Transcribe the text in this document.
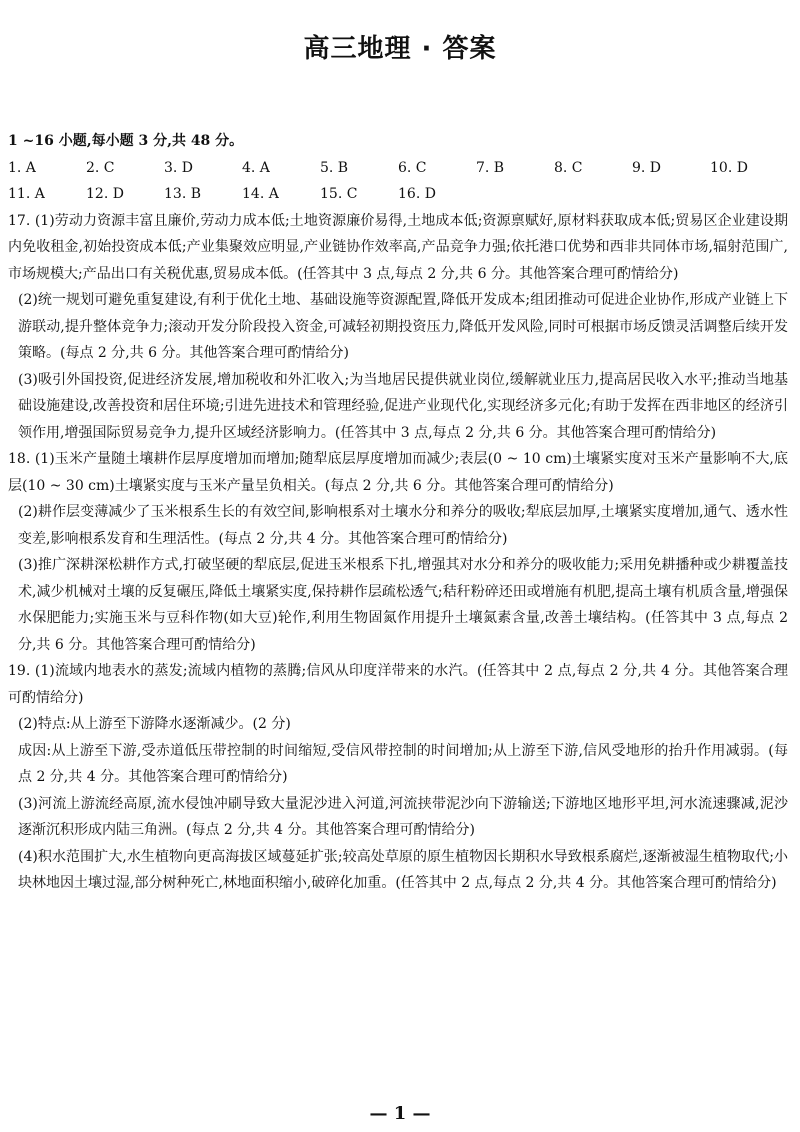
高三地理 · 答案
1 ~16 小题,每小题 3 分,共 48 分。
1. A	2. C	3. D	4. A	5. B	6. C	7. B	8. C	9. D	10. D
11. A	12. D	13. B	14. A	15. C	16. D
17. (1)劳动力资源丰富且廉价,劳动力成本低;土地资源廉价易得,土地成本低;资源禀赋好,原材料获取成本低;贸易区企业建设期内免收租金,初始投资成本低;产业集聚效应明显,产业链协作效率高,产品竞争力强;依托港口优势和西非共同体市场,辐射范围广,市场规模大;产品出口有关税优惠,贸易成本低。(任答其中 3 点,每点 2 分,共 6 分。其他答案合理可酌情给分)
(2)统一规划可避免重复建设,有利于优化土地、基础设施等资源配置,降低开发成本;组团推动可促进企业协作,形成产业链上下游联动,提升整体竞争力;滚动开发分阶段投入资金,可减轻初期投资压力,降低开发风险,同时可根据市场反馈灵活调整后续开发策略。(每点 2 分,共 6 分。其他答案合理可酌情给分)
(3)吸引外国投资,促进经济发展,增加税收和外汇收入;为当地居民提供就业岗位,缓解就业压力,提高居民收入水平;推动当地基础设施建设,改善投资和居住环境;引进先进技术和管理经验,促进产业现代化,实现经济多元化;有助于发挥在西非地区的经济引领作用,增强国际贸易竞争力,提升区域经济影响力。(任答其中 3 点,每点 2 分,共 6 分。其他答案合理可酌情给分)
18. (1)玉米产量随土壤耕作层厚度增加而增加;随犁底层厚度增加而减少;表层(0 ~ 10 cm)土壤紧实度对玉米产量影响不大,底层(10 ~ 30 cm)土壤紧实度与玉米产量呈负相关。(每点 2 分,共 6 分。其他答案合理可酌情给分)
(2)耕作层变薄减少了玉米根系生长的有效空间,影响根系对土壤水分和养分的吸收;犁底层加厚,土壤紧实度增加,通气、透水性变差,影响根系发育和生理活性。(每点 2 分,共 4 分。其他答案合理可酌情给分)
(3)推广深耕深松耕作方式,打破坚硬的犁底层,促进玉米根系下扎,增强其对水分和养分的吸收能力;采用免耕播种或少耕覆盖技术,减少机械对土壤的反复碾压,降低土壤紧实度,保持耕作层疏松透气;秸秆粉碎还田或增施有机肥,提高土壤有机质含量,增强保水保肥能力;实施玉米与豆科作物(如大豆)轮作,利用生物固氮作用提升土壤氮素含量,改善土壤结构。(任答其中 3 点,每点 2 分,共 6 分。其他答案合理可酌情给分)
19. (1)流域内地表水的蒸发;流域内植物的蒸腾;信风从印度洋带来的水汽。(任答其中 2 点,每点 2 分,共 4 分。其他答案合理可酌情给分)
(2)特点:从上游至下游降水逐渐减少。(2 分)
成因:从上游至下游,受赤道低压带控制的时间缩短,受信风带控制的时间增加;从上游至下游,信风受地形的抬升作用减弱。(每点 2 分,共 4 分。其他答案合理可酌情给分)
(3)河流上游流经高原,流水侵蚀冲刷导致大量泥沙进入河道,河流挟带泥沙向下游输送;下游地区地形平坦,河水流速骤减,泥沙逐渐沉积形成内陆三角洲。(每点 2 分,共 4 分。其他答案合理可酌情给分)
(4)积水范围扩大,水生植物向更高海拔区域蔓延扩张;较高处草原的原生植物因长期积水导致根系腐烂,逐渐被湿生植物取代;小块林地因土壤过湿,部分树种死亡,林地面积缩小,破碎化加重。(任答其中 2 点,每点 2 分,共 4 分。其他答案合理可酌情给分)
— 1 —
